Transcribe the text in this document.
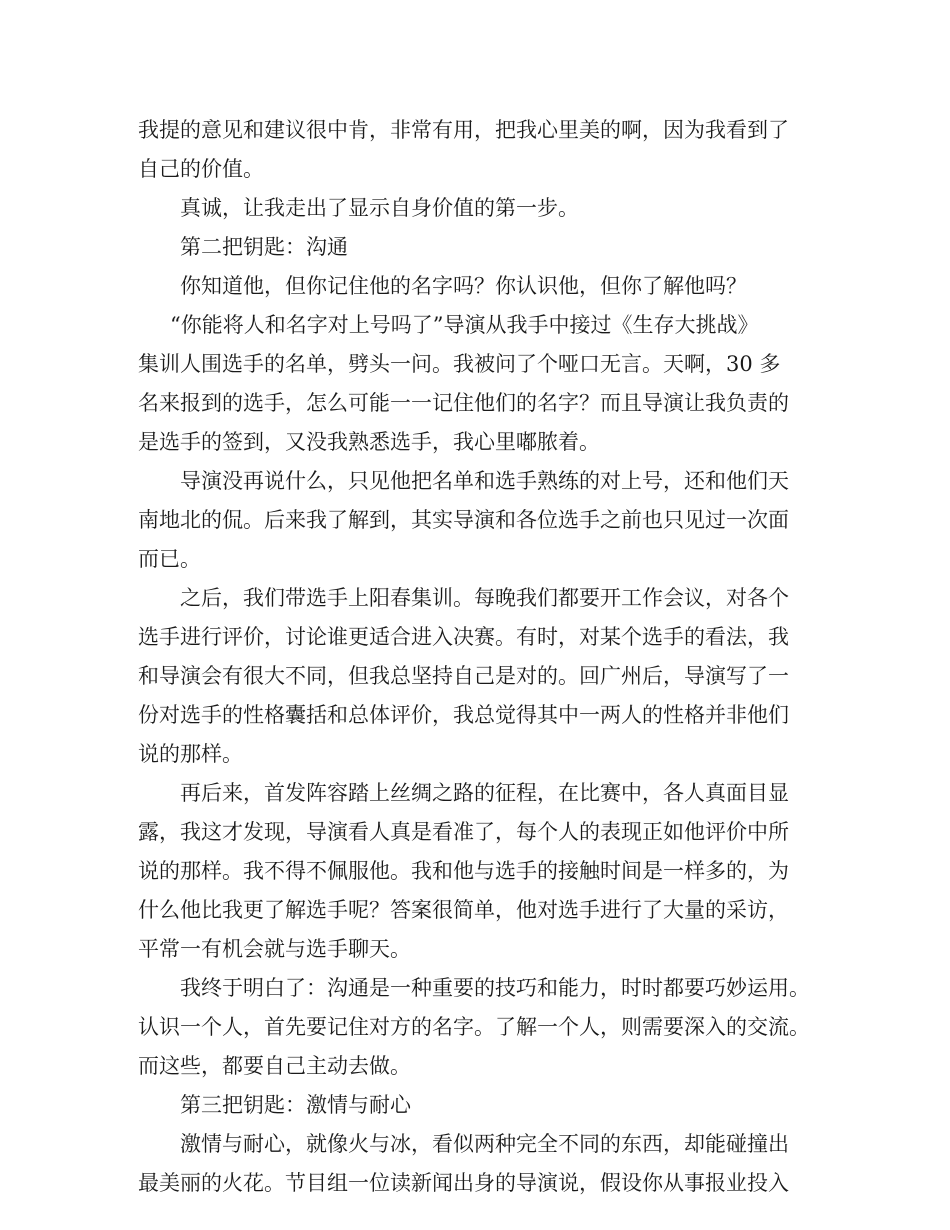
我提的意见和建议很中肯，非常有用，把我心里美的啊，因为我看到了
自己的价值。
真诚，让我走出了显示自身价值的第一步。
第二把钥匙：沟通
你知道他，但你记住他的名字吗？你认识他，但你了解他吗？
“你能将人和名字对上号吗了”导演从我手中接过《生存大挑战》
集训人围选手的名单，劈头一问。我被问了个哑口无言。天啊，30 多
名来报到的选手，怎么可能一一记住他们的名字？而且导演让我负责的
是选手的签到，又没我熟悉选手，我心里嘟脓着。
导演没再说什么，只见他把名单和选手熟练的对上号，还和他们天
南地北的侃。后来我了解到，其实导演和各位选手之前也只见过一次面
而已。
之后，我们带选手上阳春集训。每晚我们都要开工作会议，对各个
选手进行评价，讨论谁更适合进入决赛。有时，对某个选手的看法，我
和导演会有很大不同，但我总坚持自己是对的。回广州后，导演写了一
份对选手的性格囊括和总体评价，我总觉得其中一两人的性格并非他们
说的那样。
再后来，首发阵容踏上丝绸之路的征程，在比赛中，各人真面目显
露，我这才发现，导演看人真是看准了，每个人的表现正如他评价中所
说的那样。我不得不佩服他。我和他与选手的接触时间是一样多的，为
什么他比我更了解选手呢？答案很简单，他对选手进行了大量的采访，
平常一有机会就与选手聊天。
我终于明白了：沟通是一种重要的技巧和能力，时时都要巧妙运用。
认识一个人，首先要记住对方的名字。了解一个人，则需要深入的交流。
而这些，都要自己主动去做。
第三把钥匙：激情与耐心
激情与耐心，就像火与冰，看似两种完全不同的东西，却能碰撞出
最美丽的火花。节目组一位读新闻出身的导演说，假设你从事报业投入
